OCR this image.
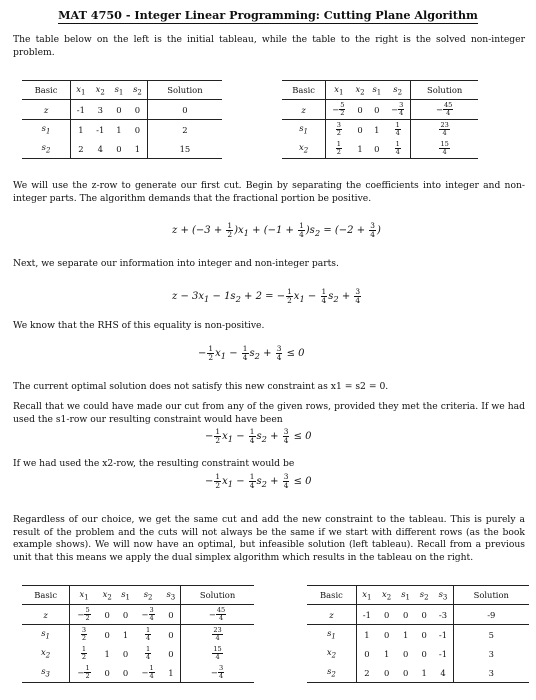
MAT 4750 - Integer Linear Programming: Cutting Plane Algorithm
The table below on the left is the initial tableau, while the table to the right is the solved non-integer problem.
Basic	$x_1$	$x_2$	$s_1$	$s_2$	Solution
z	-1	3	0	0	0
$s_1$	1	-1	1	0	2
$s_2$	2	4	0	1	15
Basic	$x_1$	$x_2$	$s_1$	$s_2$	Solution
z	− $\frac{5}{2}$	0	0	− $\frac{3}{4}$	− $\frac{45}{4}$

$s_1$	$\frac{3}{2}$	0	1	$\frac{1}{4}$	$\frac{23}{4}$

$x_2$	$\frac{1}{2}$	1	0	$\frac{1}{4}$	$\frac{15}{4}$
We will use the z-row to generate our first cut. Begin by separating the coefficients into integer and non-integer parts. The algorithm demands that the fractional portion be positive.
$z + (-3 + \frac{1}{2} )x_1 + (-1 + \frac{1}{4} )s_2 = (-2 + \frac{3}{4}$ )
Next, we separate our information into integer and non-integer parts.
$z - 3x_1 - 1s_2 + 2$ = − $\frac{1}{2} x_1 - \frac{1}{4} s_2 + \frac{3}{4}$
We know that the RHS of this equality is non-positive.
− $\frac{1}{2} x_1 - \frac{1}{4} s_2 + \frac{3}{4} \le 0$
The current optimal solution does not satisfy this new constraint as x1 = s2 = 0.
Recall that we could have made our cut from any of the given rows, provided they met the criteria. If we had used the s1-row our resulting constraint would have been
− $\frac{1}{2} x_1 - \frac{1}{4} s_2 + \frac{3}{4} \le 0$
If we had used the x2-row, the resulting constraint would be
− $\frac{1}{2} x_1 - \frac{1}{4} s_2 + \frac{3}{4} \le 0$
Regardless of our choice, we get the same cut and add the new constraint to the tableau. This is purely a result of the problem and the cuts will not always be the same if we start with different rows (as the book example shows). We will now have an optimal, but infeasible solution (left tableau). Recall from a previous unit that this means we apply the dual simplex algorithm which results in the tableau on the right.
Basic	$x_1$	$x_2$	$s_1$	$s_2$	$s_3$	Solution
z	− $\frac{5}{2}$	0	0	− $\frac{3}{4}$	0	− $\frac{45}{4}$

$s_1$	$\frac{3}{2}$	0	1	$\frac{1}{4}$	0	$\frac{23}{4}$

$x_2$	$\frac{1}{2}$	1	0	$\frac{1}{4}$	0	$\frac{15}{4}$

$s_3$	− $\frac{1}{2}$	0	0	− $\frac{1}{4}$	1	− $\frac{3}{4}$
Basic	$x_1$	$x_2$	$s_1$	$s_2$	$s_3$	Solution
z	-1	0	0	0	-3	-9
$s_1$	1	0	1	0	-1	5
$x_2$	0	1	0	0	-1	3
$s_2$	2	0	0	1	4	3
